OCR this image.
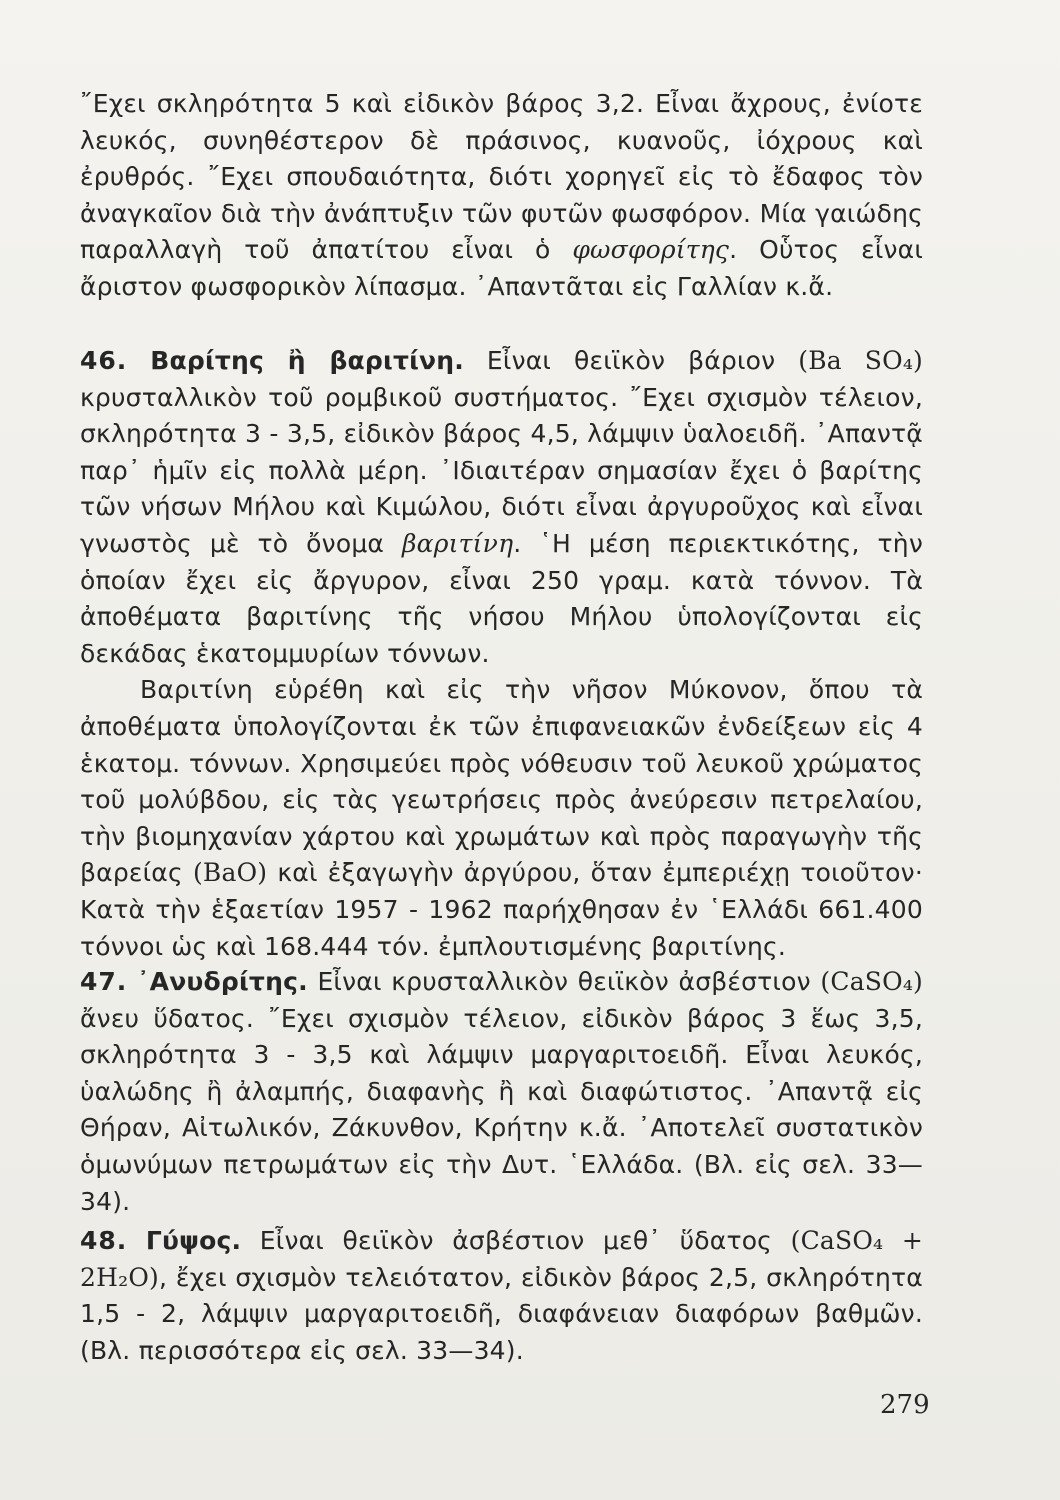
῎Εχει σκληρότητα 5 καὶ εἰδικὸν βάρος 3,2. Εἶναι ἄχρους, ἐνίοτε λευκός, συνηθέστερον δὲ πράσινος, κυανοῦς, ἰόχρους καὶ ἐρυθρός. ῎Εχει σπουδαιότητα, διότι χορηγεῖ εἰς τὸ ἔδαφος τὸν ἀναγκαῖον διὰ τὴν ἀνάπτυξιν τῶν φυτῶν φωσφόρον. Μία γαιώδης παραλλαγὴ τοῦ ἀπατίτου εἶναι ὁ φωσφορίτης. Οὗτος εἶναι ἄριστον φωσφορικὸν λίπασμα. ᾽Απαντᾶται εἰς Γαλλίαν κ.ἄ.

46. Βαρίτης ἢ βαριτίνη. Εἶναι θειϊκὸν βάριον (Ba SO₄) κρυσταλλικὸν τοῦ ρομβικοῦ συστήματος. ῎Εχει σχισμὸν τέλειον, σκληρότητα 3 - 3,5, εἰδικὸν βάρος 4,5, λάμψιν ὑαλοειδῆ. ᾽Απαντᾷ παρ᾽ ἡμῖν εἰς πολλὰ μέρη. ᾽Ιδιαιτέραν σημασίαν ἔχει ὁ βαρίτης τῶν νήσων Μήλου καὶ Κιμώλου, διότι εἶναι ἀργυροῦχος καὶ εἶναι γνωστὸς μὲ τὸ ὄνομα βαριτίνη. ῾Η μέση περιεκτικότης, τὴν ὁποίαν ἔχει εἰς ἄργυρον, εἶναι 250 γραμ. κατὰ τόννον. Τὰ ἀποθέματα βαριτίνης τῆς νήσου Μήλου ὑπολογίζονται εἰς δεκάδας ἑκατομμυρίων τόννων.

Βαριτίνη εὑρέθη καὶ εἰς τὴν νῆσον Μύκονον, ὅπου τὰ ἀποθέματα ὑπολογίζονται ἐκ τῶν ἐπιφανειακῶν ἐνδείξεων εἰς 4 ἑκατομ. τόννων. Χρησιμεύει πρὸς νόθευσιν τοῦ λευκοῦ χρώματος τοῦ μολύβδου, εἰς τὰς γεωτρήσεις πρὸς ἀνεύρεσιν πετρελαίου, τὴν βιομηχανίαν χάρτου καὶ χρωμάτων καὶ πρὸς παραγωγὴν τῆς βαρείας (BaO) καὶ ἐξαγωγὴν ἀργύρου, ὅταν ἐμπεριέχῃ τοιοῦτον· Κατὰ τὴν ἑξαετίαν 1957 - 1962 παρήχθησαν ἐν ῾Ελλάδι 661.400 τόννοι ὡς καὶ 168.444 τόν. ἐμπλουτισμένης βαριτίνης.

47. ᾽Ανυδρίτης. Εἶναι κρυσταλλικὸν θειϊκὸν ἀσβέστιον (CaSO₄) ἄνευ ὕδατος. ῎Εχει σχισμὸν τέλειον, εἰδικὸν βάρος 3 ἕως 3,5, σκληρότητα 3 - 3,5 καὶ λάμψιν μαργαριτοειδῆ. Εἶναι λευκός, ὑαλώδης ἢ ἀλαμπής, διαφανὴς ἢ καὶ διαφώτιστος. ᾽Απαντᾷ εἰς Θήραν, Αἰτωλικόν, Ζάκυνθον, Κρήτην κ.ἄ. ᾽Αποτελεῖ συστατικὸν ὁμωνύμων πετρωμάτων εἰς τὴν Δυτ. ῾Ελλάδα. (Βλ. εἰς σελ. 33—34).

48. Γύψος. Εἶναι θειϊκὸν ἀσβέστιον μεθ᾽ ὕδατος (CaSO₄ + 2H₂O), ἔχει σχισμὸν τελειότατον, εἰδικὸν βάρος 2,5, σκληρότητα 1,5 - 2, λάμψιν μαργαριτοειδῆ, διαφάνειαν διαφόρων βαθμῶν. (Βλ. περισσότερα εἰς σελ. 33—34).

279
